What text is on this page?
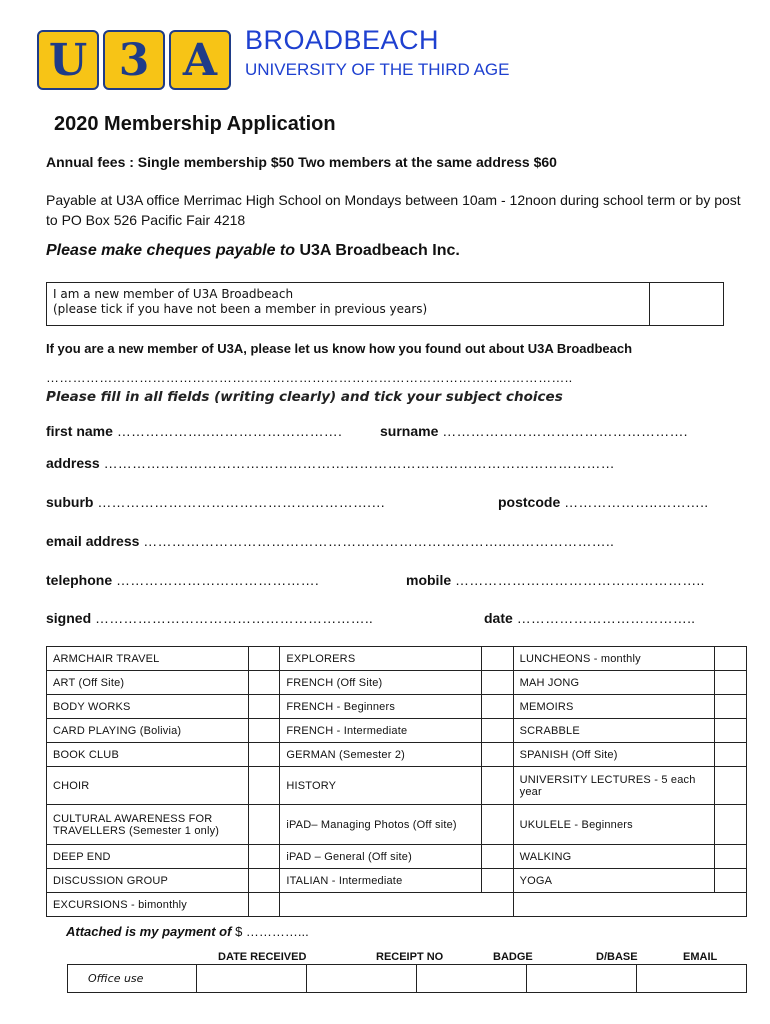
U 3 A	BROADBEACH
UNIVERSITY OF THE THIRD AGE
2020 Membership Application
Annual fees : Single membership $50 Two members at the same address $60
Payable at U3A office Merrimac High School on Mondays between 10am - 12noon during school term or by post to PO Box 526 Pacific Fair 4218
Please make cheques payable to U3A Broadbeach Inc.
I am a new member of U3A Broadbeach
(please tick if you have not been a member in previous years)
If you are a new member of U3A, please let us know how you found out about U3A Broadbeach
………………………………………………………………………………………………………..
Please fill in all fields (writing clearly) and tick your subject choices
first name ………………..……………………….	surname …………………………………………….
address ………………………………………………………………………………………………
suburb ………………………………………………….…	postcode ………………..………..
email address …………………………………………………………………..…………………..
telephone …………………………………….	mobile ……………………………………………..
signed …………………………………………………..	date ………………………………..
ARMCHAIR TRAVEL		EXPLORERS		LUNCHEONS - monthly	
ART (Off Site)		FRENCH (Off Site)		MAH JONG	
BODY WORKS		FRENCH - Beginners		MEMOIRS	
CARD PLAYING (Bolivia)		FRENCH - Intermediate		SCRABBLE	
BOOK CLUB		GERMAN (Semester 2)		SPANISH (Off Site)	
CHOIR		HISTORY		UNIVERSITY LECTURES - 5 each year	
CULTURAL AWARENESS FOR TRAVELLERS (Semester 1 only)		iPAD– Managing Photos (Off site)		UKULELE - Beginners	
DEEP END		iPAD – General (Off site)		WALKING	
DISCUSSION GROUP		ITALIAN - Intermediate		YOGA	
EXCURSIONS - bimonthly					
Attached is my payment of $ …………...
DATE RECEIVED	RECEIPT NO	BADGE	D/BASE	EMAIL
Office use					
